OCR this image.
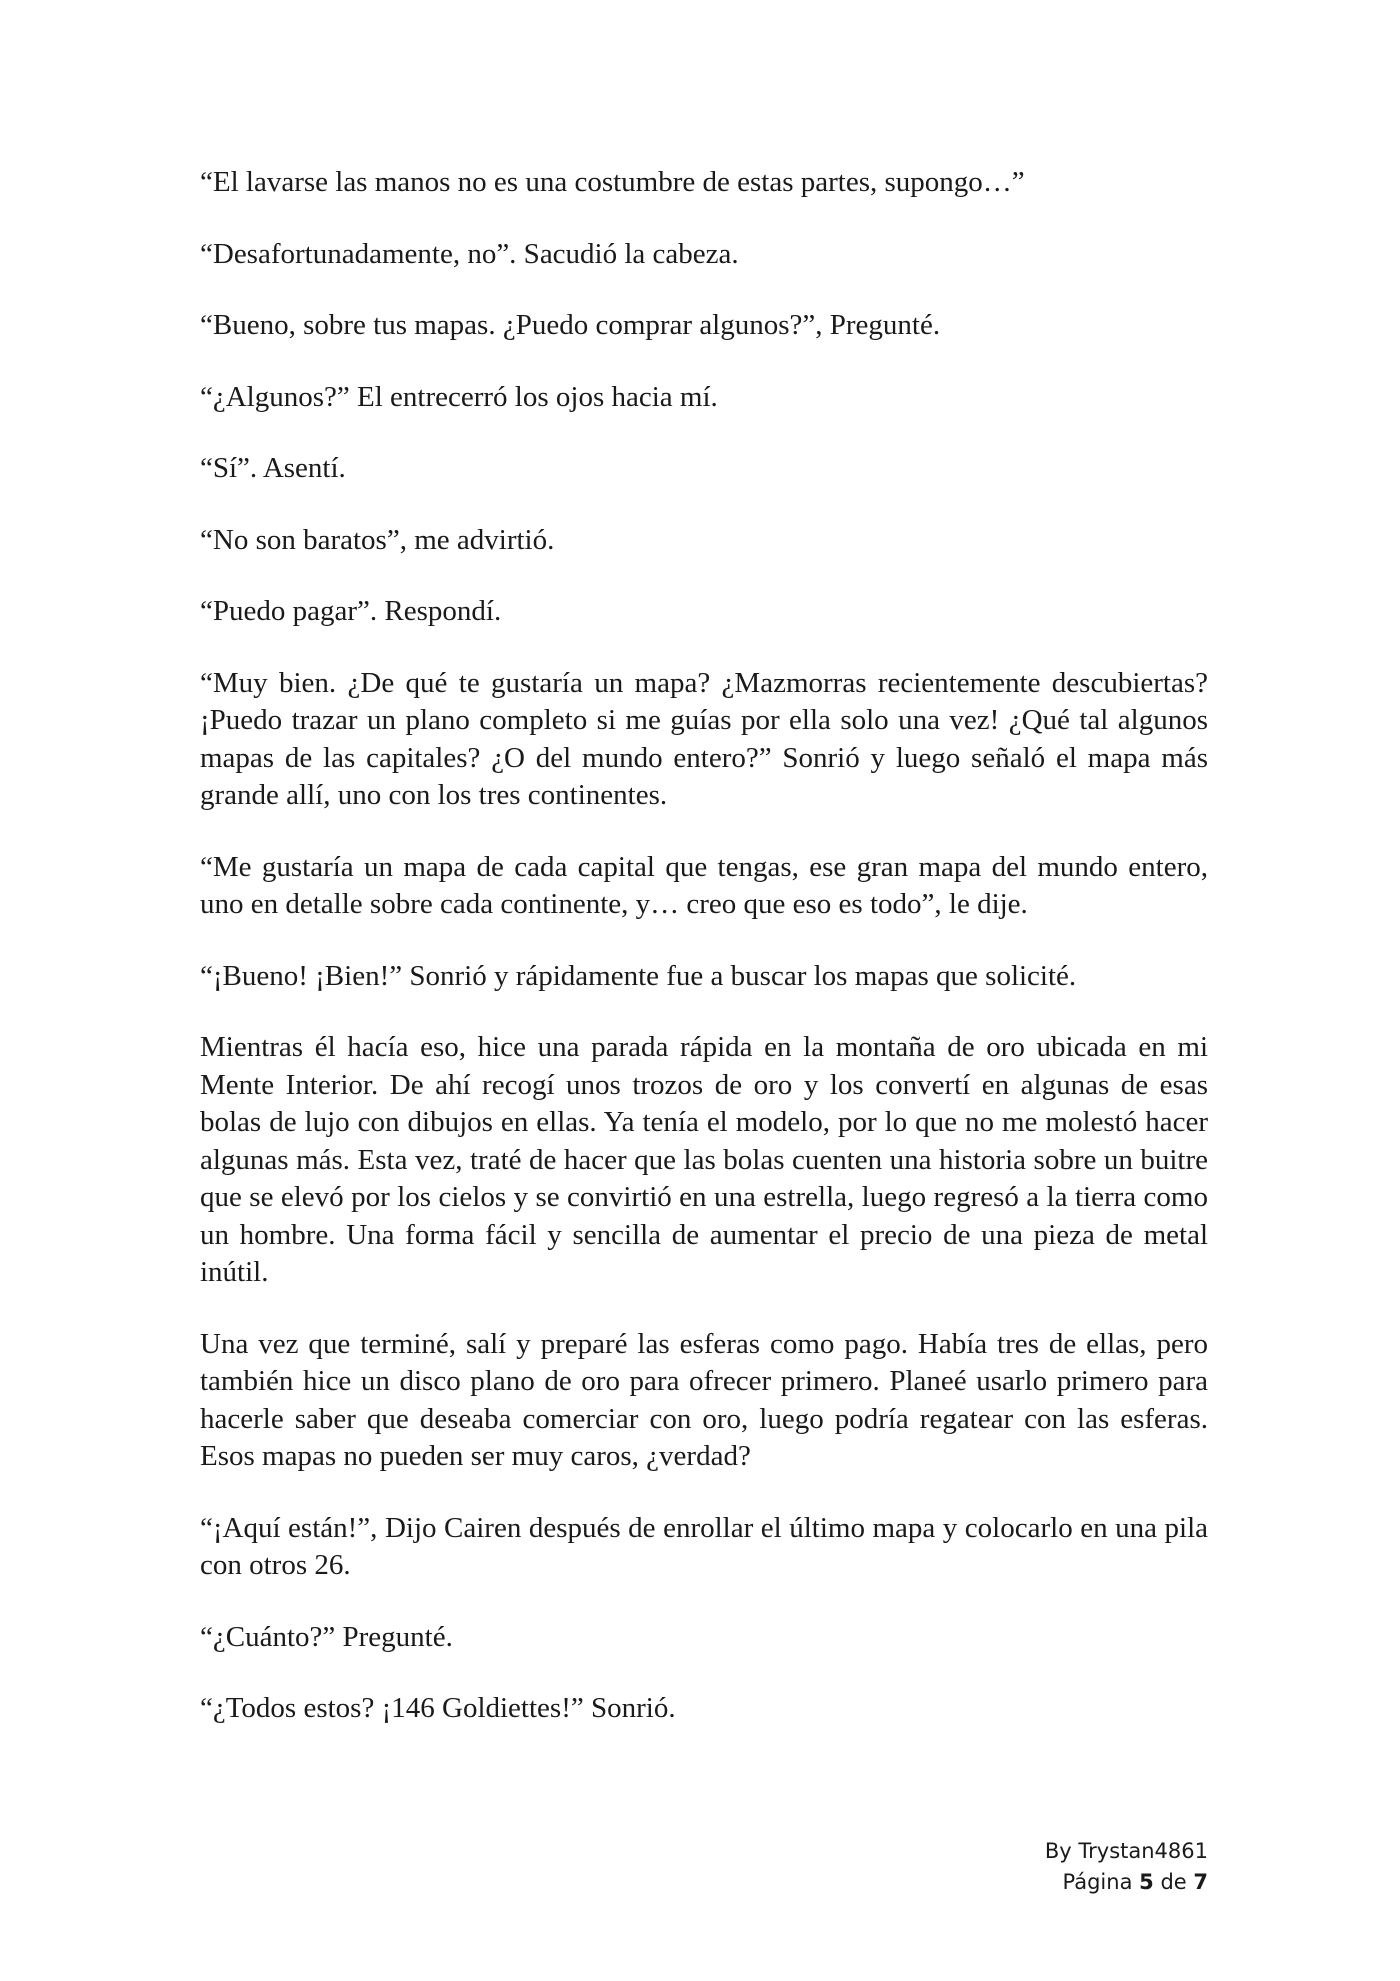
“El lavarse las manos no es una costumbre de estas partes, supongo…”

“Desafortunadamente, no”. Sacudió la cabeza.

“Bueno, sobre tus mapas. ¿Puedo comprar algunos?”, Pregunté.

“¿Algunos?” El entrecerró los ojos hacia mí.

“Sí”. Asentí.

“No son baratos”, me advirtió.

“Puedo pagar”. Respondí.

“Muy bien. ¿De qué te gustaría un mapa? ¿Mazmorras recientemente descubiertas? ¡Puedo trazar un plano completo si me guías por ella solo una vez! ¿Qué tal algunos mapas de las capitales? ¿O del mundo entero?” Sonrió y luego señaló el mapa más grande allí, uno con los tres continentes.

“Me gustaría un mapa de cada capital que tengas, ese gran mapa del mundo entero, uno en detalle sobre cada continente, y… creo que eso es todo”, le dije.

“¡Bueno! ¡Bien!” Sonrió y rápidamente fue a buscar los mapas que solicité.

Mientras él hacía eso, hice una parada rápida en la montaña de oro ubicada en mi Mente Interior. De ahí recogí unos trozos de oro y los convertí en algunas de esas bolas de lujo con dibujos en ellas. Ya tenía el modelo, por lo que no me molestó hacer algunas más. Esta vez, traté de hacer que las bolas cuenten una historia sobre un buitre que se elevó por los cielos y se convirtió en una estrella, luego regresó a la tierra como un hombre. Una forma fácil y sencilla de aumentar el precio de una pieza de metal inútil.

Una vez que terminé, salí y preparé las esferas como pago. Había tres de ellas, pero también hice un disco plano de oro para ofrecer primero. Planeé usarlo primero para hacerle saber que deseaba comerciar con oro, luego podría regatear con las esferas. Esos mapas no pueden ser muy caros, ¿verdad?

“¡Aquí están!”, Dijo Cairen después de enrollar el último mapa y colocarlo en una pila con otros 26.

“¿Cuánto?” Pregunté.

“¿Todos estos? ¡146 Goldiettes!” Sonrió.

By Trystan4861
Página 5 de 7
